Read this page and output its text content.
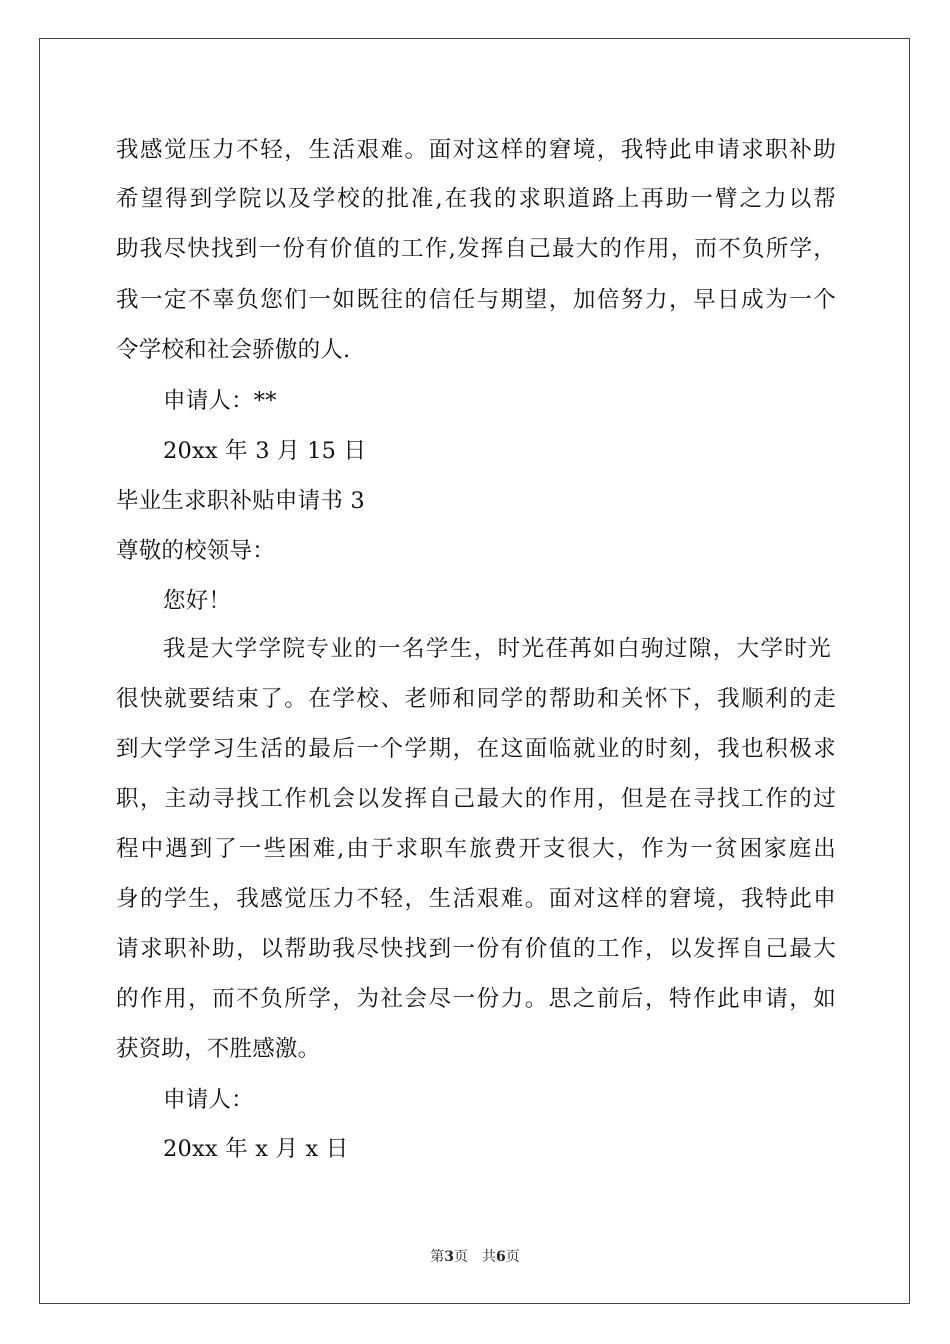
我感觉压力不轻，生活艰难。面对这样的窘境，我特此申请求职补助
希望得到学院以及学校的批准,在我的求职道路上再助一臂之力以帮
助我尽快找到一份有价值的工作,发挥自己最大的作用，而不负所学，
我一定不辜负您们一如既往的信任与期望，加倍努力，早日成为一个
令学校和社会骄傲的人.
申请人：**
20xx 年 3 月 15 日
毕业生求职补贴申请书 3
尊敬的校领导：
您好！
我是大学学院专业的一名学生，时光荏苒如白驹过隙，大学时光
很快就要结束了。在学校、老师和同学的帮助和关怀下，我顺利的走
到大学学习生活的最后一个学期，在这面临就业的时刻，我也积极求
职，主动寻找工作机会以发挥自己最大的作用，但是在寻找工作的过
程中遇到了一些困难,由于求职车旅费开支很大，作为一贫困家庭出
身的学生，我感觉压力不轻，生活艰难。面对这样的窘境，我特此申
请求职补助，以帮助我尽快找到一份有价值的工作，以发挥自己最大
的作用，而不负所学，为社会尽一份力。思之前后，特作此申请，如
获资助，不胜感激。
申请人：
20xx 年 x 月 x 日
第3页 共6页
